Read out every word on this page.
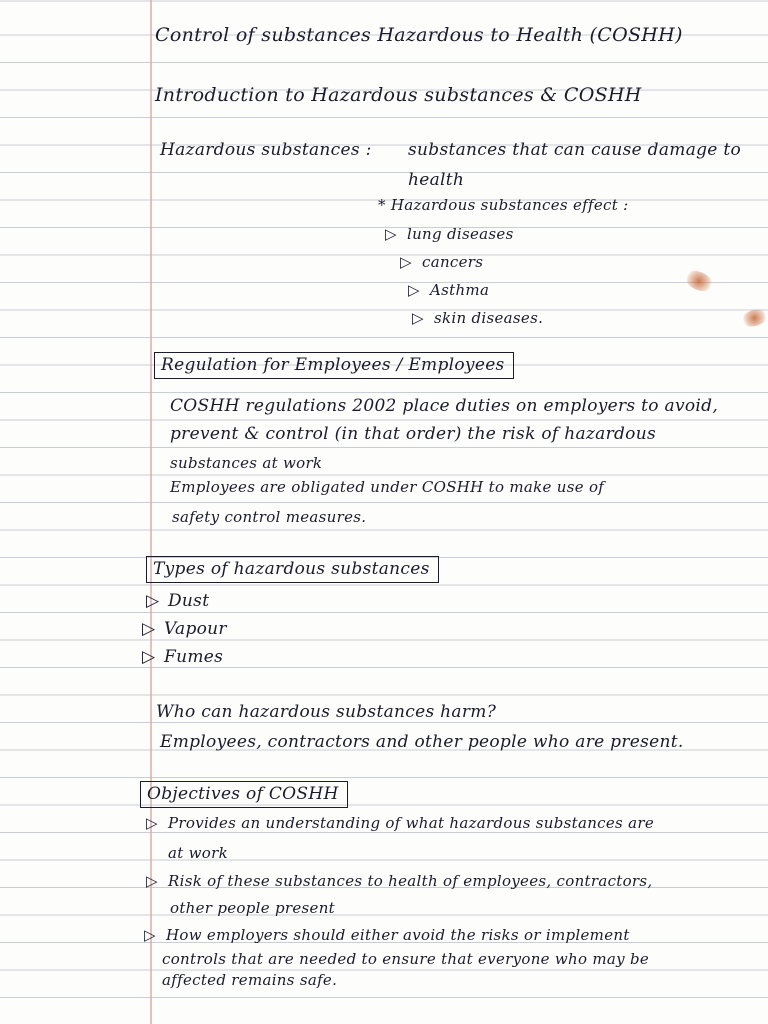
Control of substances Hazardous to Health (COSHH)
Introduction to Hazardous substances & COSHH
Hazardous substances : substances that can cause damage to
health
* Hazardous substances effect :
▷ lung diseases
▷ cancers
▷ Asthma
▷ skin diseases.
Regulation for Employees / Employees
COSHH regulations 2002 place duties on employers to avoid,
prevent & control (in that order) the risk of hazardous
substances at work
Employees are obligated under COSHH to make use of
safety control measures.
Types of hazardous substances
▷ Dust
▷ Vapour
▷ Fumes
Who can hazardous substances harm?
Employees, contractors and other people who are present.
Objectives of COSHH
▷ Provides an understanding of what hazardous substances are
at work
▷ Risk of these substances to health of employees, contractors,
other people present
▷ How employers should either avoid the risks or implement
controls that are needed to ensure that everyone who may be
affected remains safe.
